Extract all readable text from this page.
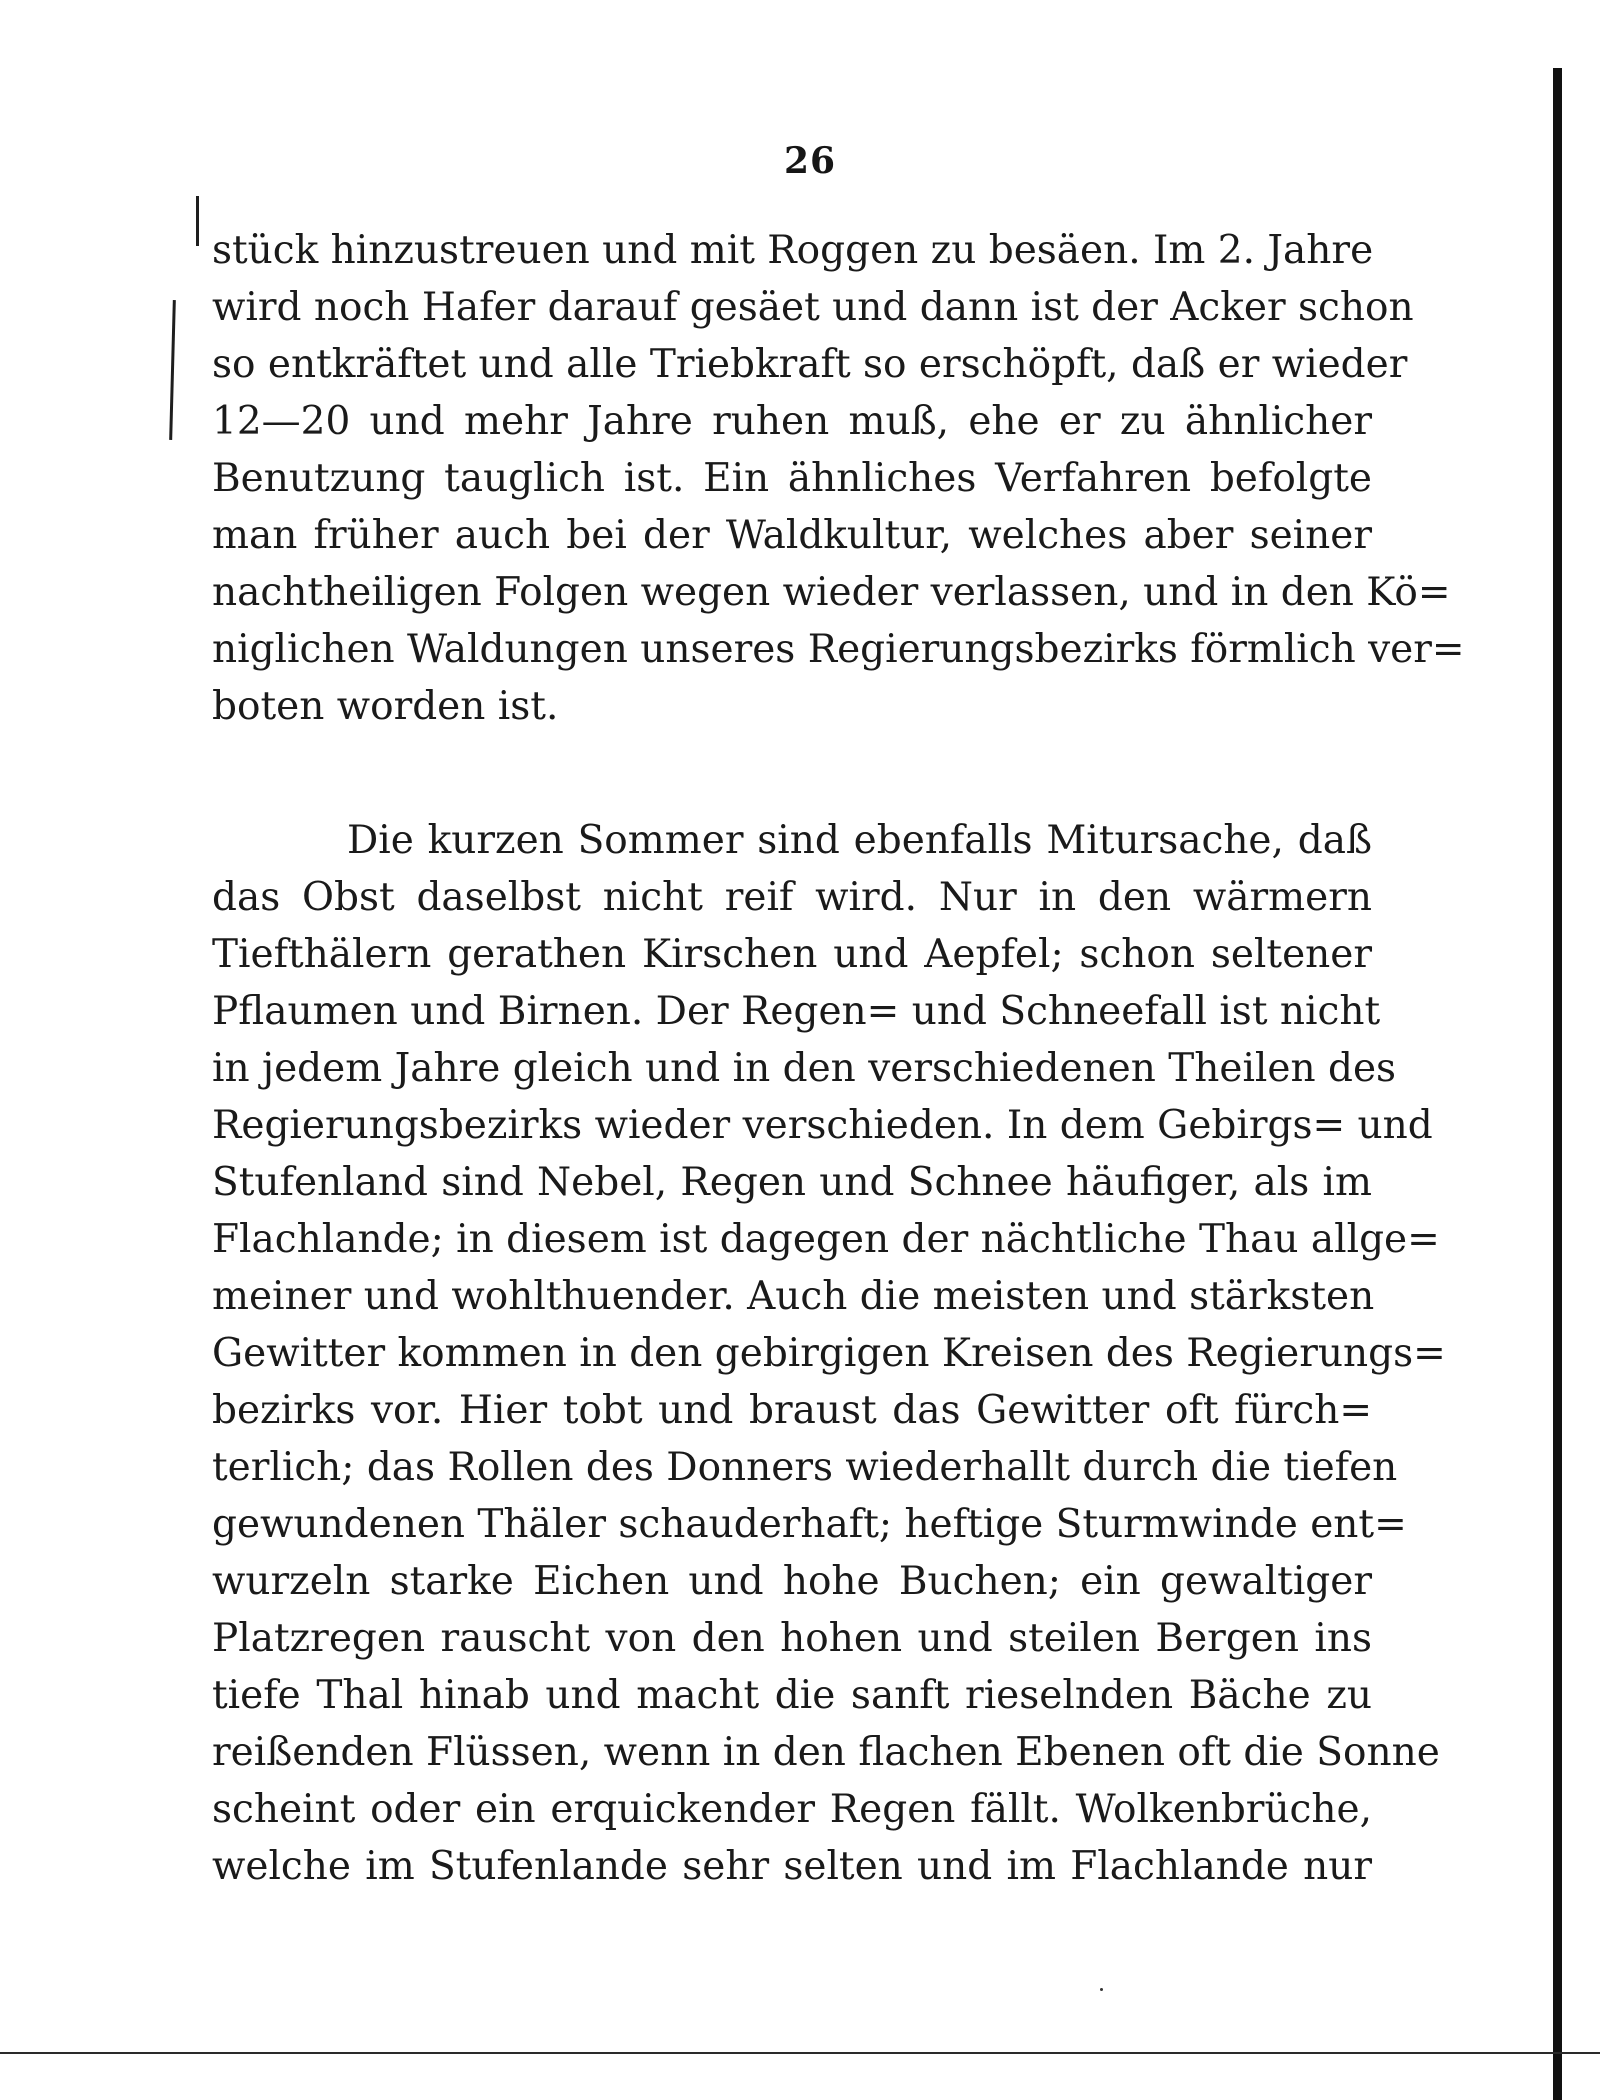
26
stück hinzustreuen und mit Roggen zu besäen. Im 2. Jahre
wird noch Hafer darauf gesäet und dann ist der Acker schon
so entkräftet und alle Triebkraft so erschöpft, daß er wieder
12—20 und mehr Jahre ruhen muß, ehe er zu ähnlicher
Benutzung tauglich ist. Ein ähnliches Verfahren befolgte
man früher auch bei der Waldkultur, welches aber seiner
nachtheiligen Folgen wegen wieder verlassen, und in den Kö=
niglichen Waldungen unseres Regierungsbezirks förmlich ver=
boten worden ist.
Die kurzen Sommer sind ebenfalls Mitursache, daß
das Obst daselbst nicht reif wird. Nur in den wärmern
Tiefthälern gerathen Kirschen und Aepfel; schon seltener
Pflaumen und Birnen. Der Regen= und Schneefall ist nicht
in jedem Jahre gleich und in den verschiedenen Theilen des
Regierungsbezirks wieder verschieden. In dem Gebirgs= und
Stufenland sind Nebel, Regen und Schnee häufiger, als im
Flachlande; in diesem ist dagegen der nächtliche Thau allge=
meiner und wohlthuender. Auch die meisten und stärksten
Gewitter kommen in den gebirgigen Kreisen des Regierungs=
bezirks vor. Hier tobt und braust das Gewitter oft fürch=
terlich; das Rollen des Donners wiederhallt durch die tiefen
gewundenen Thäler schauderhaft; heftige Sturmwinde ent=
wurzeln starke Eichen und hohe Buchen; ein gewaltiger
Platzregen rauscht von den hohen und steilen Bergen ins
tiefe Thal hinab und macht die sanft rieselnden Bäche zu
reißenden Flüssen, wenn in den flachen Ebenen oft die Sonne
scheint oder ein erquickender Regen fällt. Wolkenbrüche,
welche im Stufenlande sehr selten und im Flachlande nur
